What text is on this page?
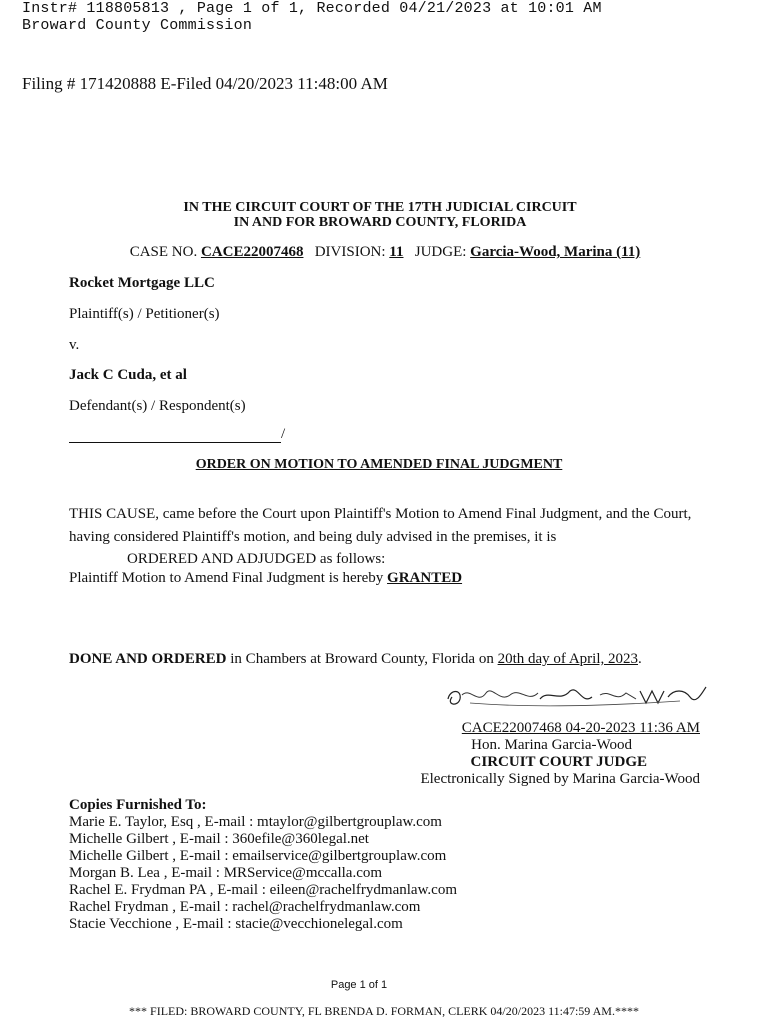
Instr# 118805813 , Page 1 of 1, Recorded 04/21/2023 at 10:01 AM
Broward County Commission
Filing # 171420888 E-Filed 04/20/2023 11:48:00 AM
IN THE CIRCUIT COURT OF THE 17TH JUDICIAL CIRCUIT
IN AND FOR BROWARD COUNTY, FLORIDA
CASE NO. CACE22007468 DIVISION: 11 JUDGE: Garcia-Wood, Marina (11)
Rocket Mortgage LLC
Plaintiff(s) / Petitioner(s)
v.
Jack C Cuda, et al
Defendant(s) / Respondent(s)
/
ORDER ON MOTION TO AMENDED FINAL JUDGMENT
THIS CAUSE, came before the Court upon Plaintiff's Motion to Amend Final Judgment, and the Court,
having considered Plaintiff's motion, and being duly advised in the premises, it is
ORDERED AND ADJUDGED as follows:
Plaintiff Motion to Amend Final Judgment is hereby GRANTED
DONE AND ORDERED in Chambers at Broward County, Florida on 20th day of April, 2023.
CACE22007468 04-20-2023 11:36 AM
Hon. Marina Garcia-Wood
CIRCUIT COURT JUDGE
Electronically Signed by Marina Garcia-Wood
Copies Furnished To:
Marie E. Taylor, Esq , E-mail : mtaylor@gilbertgrouplaw.com
Michelle Gilbert , E-mail : 360efile@360legal.net
Michelle Gilbert , E-mail : emailservice@gilbertgrouplaw.com
Morgan B. Lea , E-mail : MRService@mccalla.com
Rachel E. Frydman PA , E-mail : eileen@rachelfrydmanlaw.com
Rachel Frydman , E-mail : rachel@rachelfrydmanlaw.com
Stacie Vecchione , E-mail : stacie@vecchionelegal.com
Page 1 of 1
*** FILED: BROWARD COUNTY, FL BRENDA D. FORMAN, CLERK 04/20/2023 11:47:59 AM.****
